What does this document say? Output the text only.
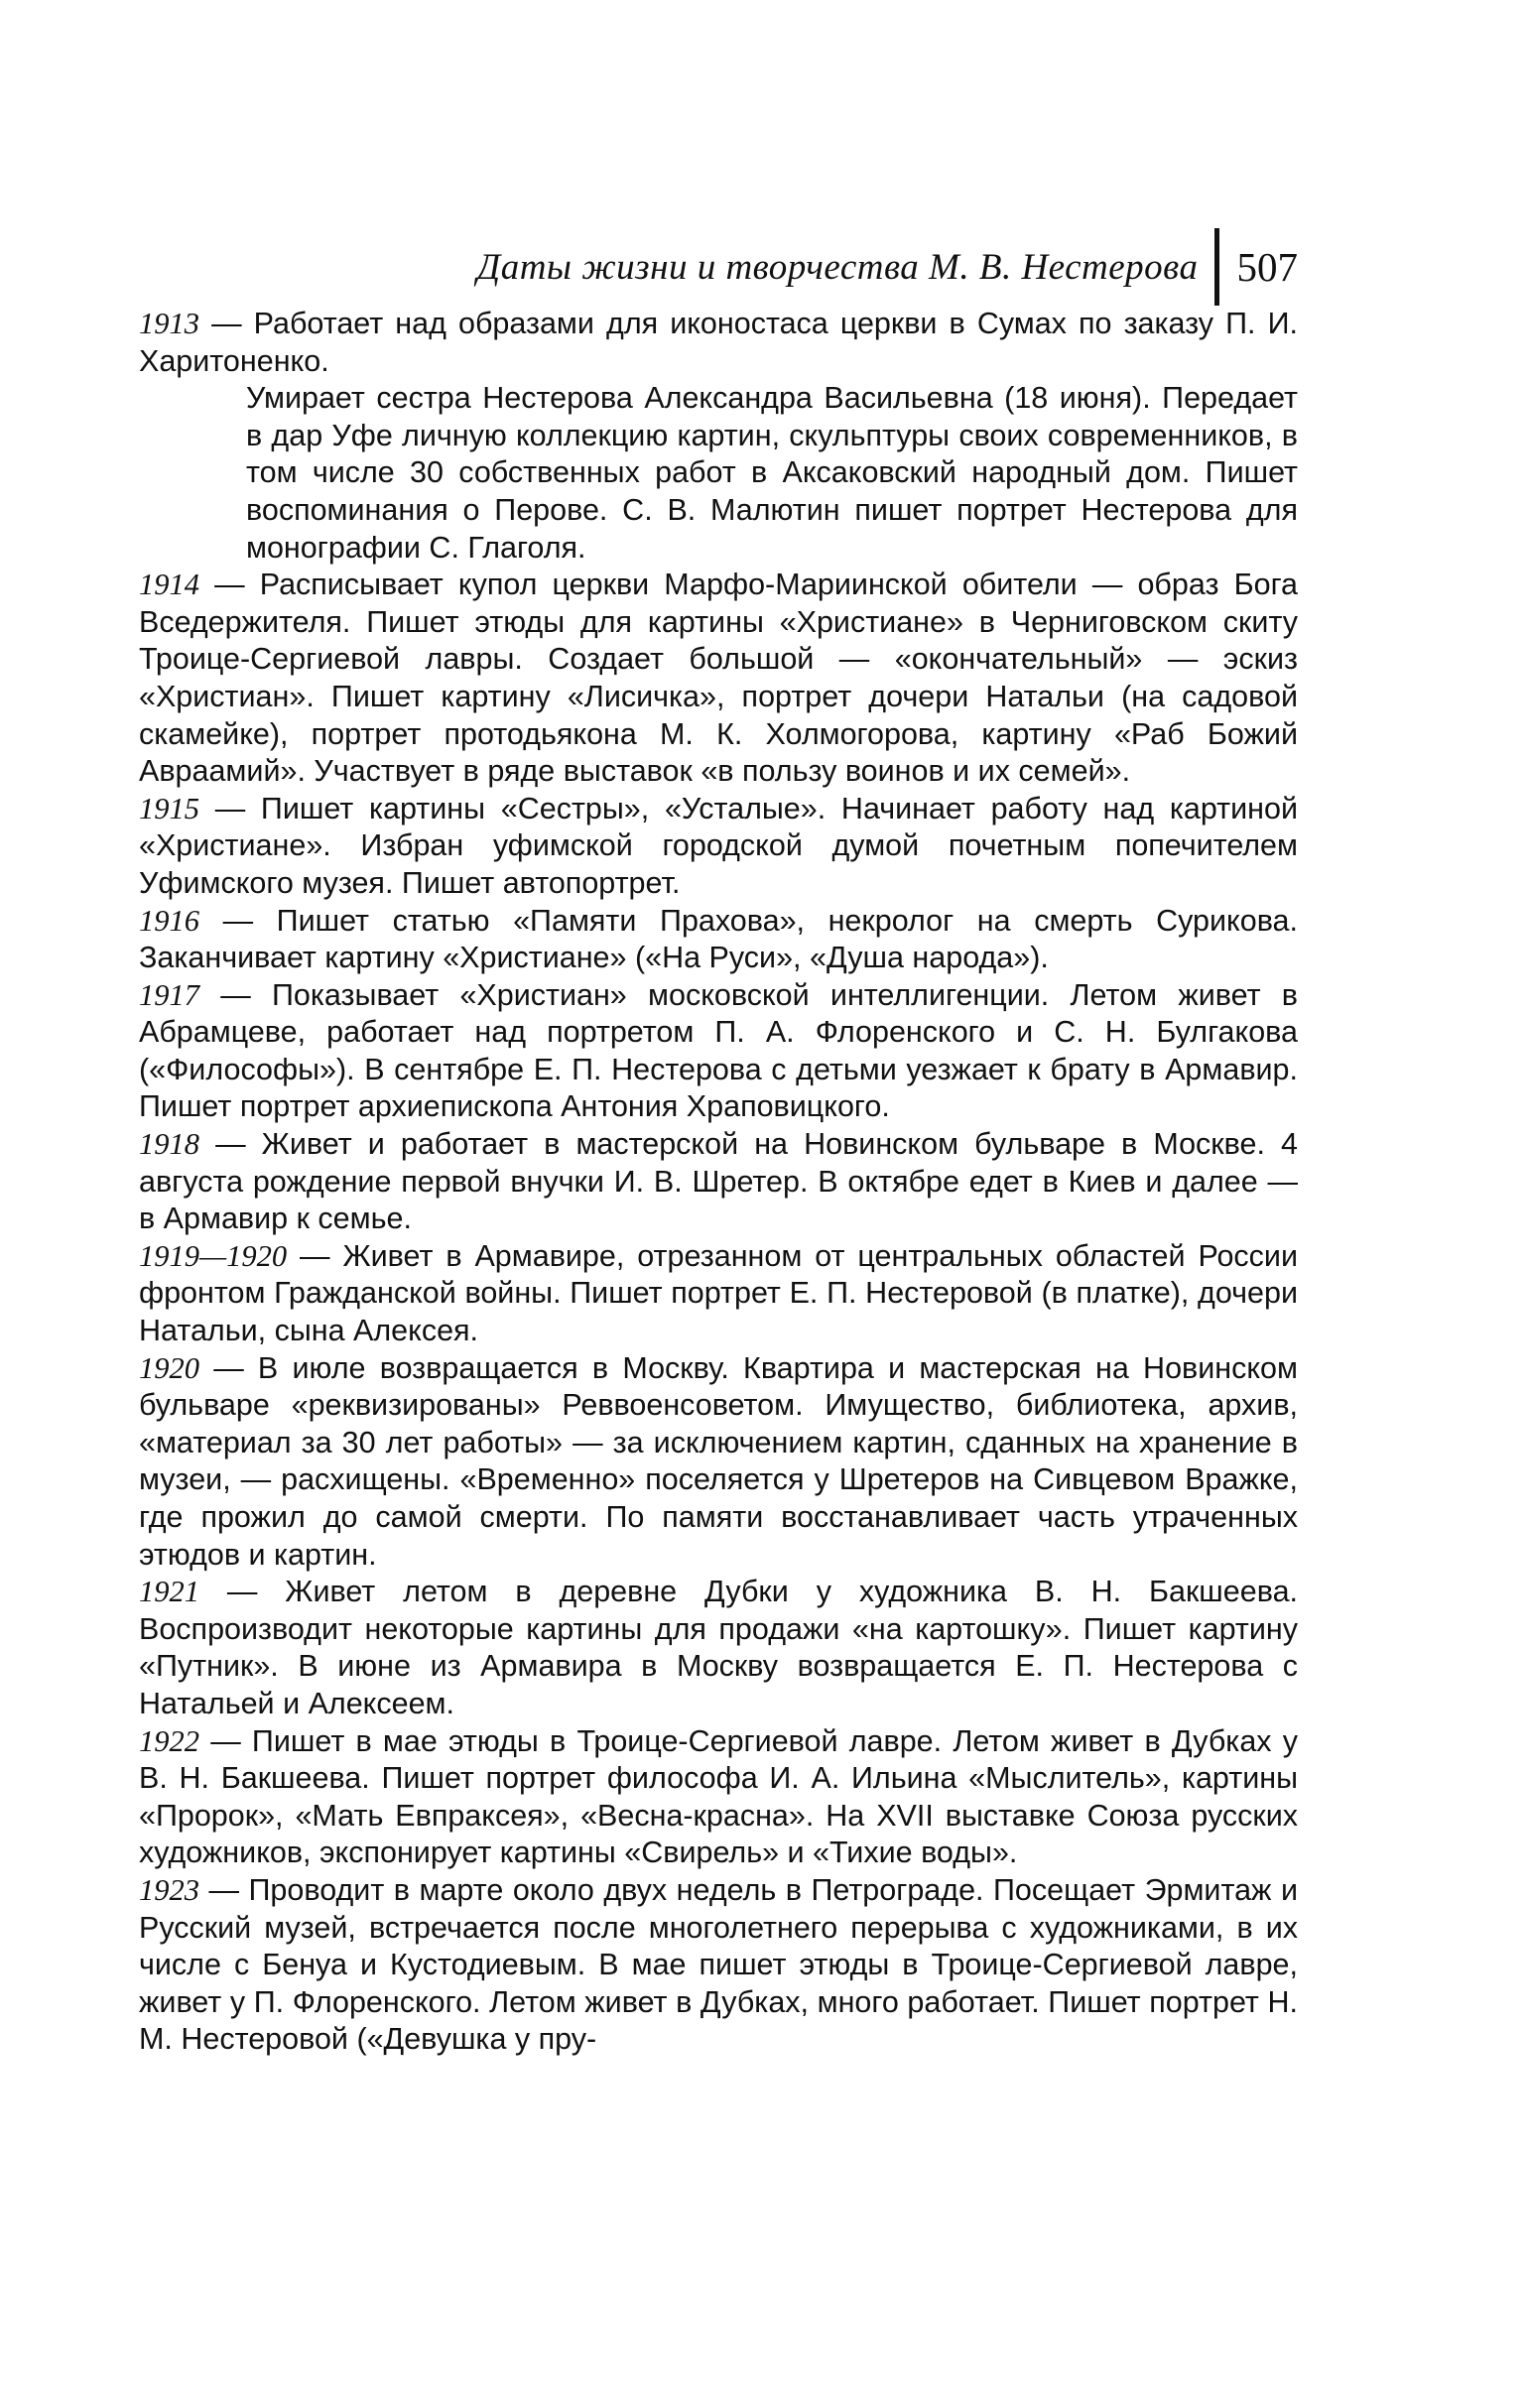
Даты жизни и творчества М. В. Нестерова 507
1913 — Работает над образами для иконостаса церкви в Сумах по заказу П. И. Харитоненко.
Умирает сестра Нестерова Александра Васильевна (18 июня). Передает в дар Уфе личную коллекцию картин, скульптуры своих современников, в том числе 30 собственных работ в Аксаковский народный дом. Пишет воспоминания о Перове. С. В. Малютин пишет портрет Нестерова для монографии С. Глаголя.
1914 — Расписывает купол церкви Марфо-Мариинской обители — образ Бога Вседержителя. Пишет этюды для картины «Христиане» в Черниговском скиту Троице-Сергиевой лавры. Создает большой — «окончательный» — эскиз «Христиан». Пишет картину «Лисичка», портрет дочери Натальи (на садовой скамейке), портрет протодьякона М. К. Холмогорова, картину «Раб Божий Авраамий». Участвует в ряде выставок «в пользу воинов и их семей».
1915 — Пишет картины «Сестры», «Усталые». Начинает работу над картиной «Христиане». Избран уфимской городской думой почетным попечителем Уфимского музея. Пишет автопортрет.
1916 — Пишет статью «Памяти Прахова», некролог на смерть Сурикова. Заканчивает картину «Христиане» («На Руси», «Душа народа»).
1917 — Показывает «Христиан» московской интеллигенции. Летом живет в Абрамцеве, работает над портретом П. А. Флоренского и С. Н. Булгакова («Философы»). В сентябре Е. П. Нестерова с детьми уезжает к брату в Армавир. Пишет портрет архиепископа Антония Храповицкого.
1918 — Живет и работает в мастерской на Новинском бульваре в Москве. 4 августа рождение первой внучки И. В. Шретер. В октябре едет в Киев и далее — в Армавир к семье.
1919—1920 — Живет в Армавире, отрезанном от центральных областей России фронтом Гражданской войны. Пишет портрет Е. П. Нестеровой (в платке), дочери Натальи, сына Алексея.
1920 — В июле возвращается в Москву. Квартира и мастерская на Новинском бульваре «реквизированы» Реввоенсоветом. Имущество, библиотека, архив, «материал за 30 лет работы» — за исключением картин, сданных на хранение в музеи, — расхищены. «Временно» поселяется у Шретеров на Сивцевом Вражке, где прожил до самой смерти. По памяти восстанавливает часть утраченных этюдов и картин.
1921 — Живет летом в деревне Дубки у художника В. Н. Бакшеева. Воспроизводит некоторые картины для продажи «на картошку». Пишет картину «Путник». В июне из Армавира в Москву возвращается Е. П. Нестерова с Натальей и Алексеем.
1922 — Пишет в мае этюды в Троице-Сергиевой лавре. Летом живет в Дубках у В. Н. Бакшеева. Пишет портрет философа И. А. Ильина «Мыслитель», картины «Пророк», «Мать Евпраксея», «Весна-красна». На XVII выставке Союза русских художников, экспонирует картины «Свирель» и «Тихие воды».
1923 — Проводит в марте около двух недель в Петрограде. Посещает Эрмитаж и Русский музей, встречается после многолетнего перерыва с художниками, в их числе с Бенуа и Кустодиевым. В мае пишет этюды в Троице-Сергиевой лавре, живет у П. Флоренского. Летом живет в Дубках, много работает. Пишет портрет Н. М. Нестеровой («Девушка у пру-
